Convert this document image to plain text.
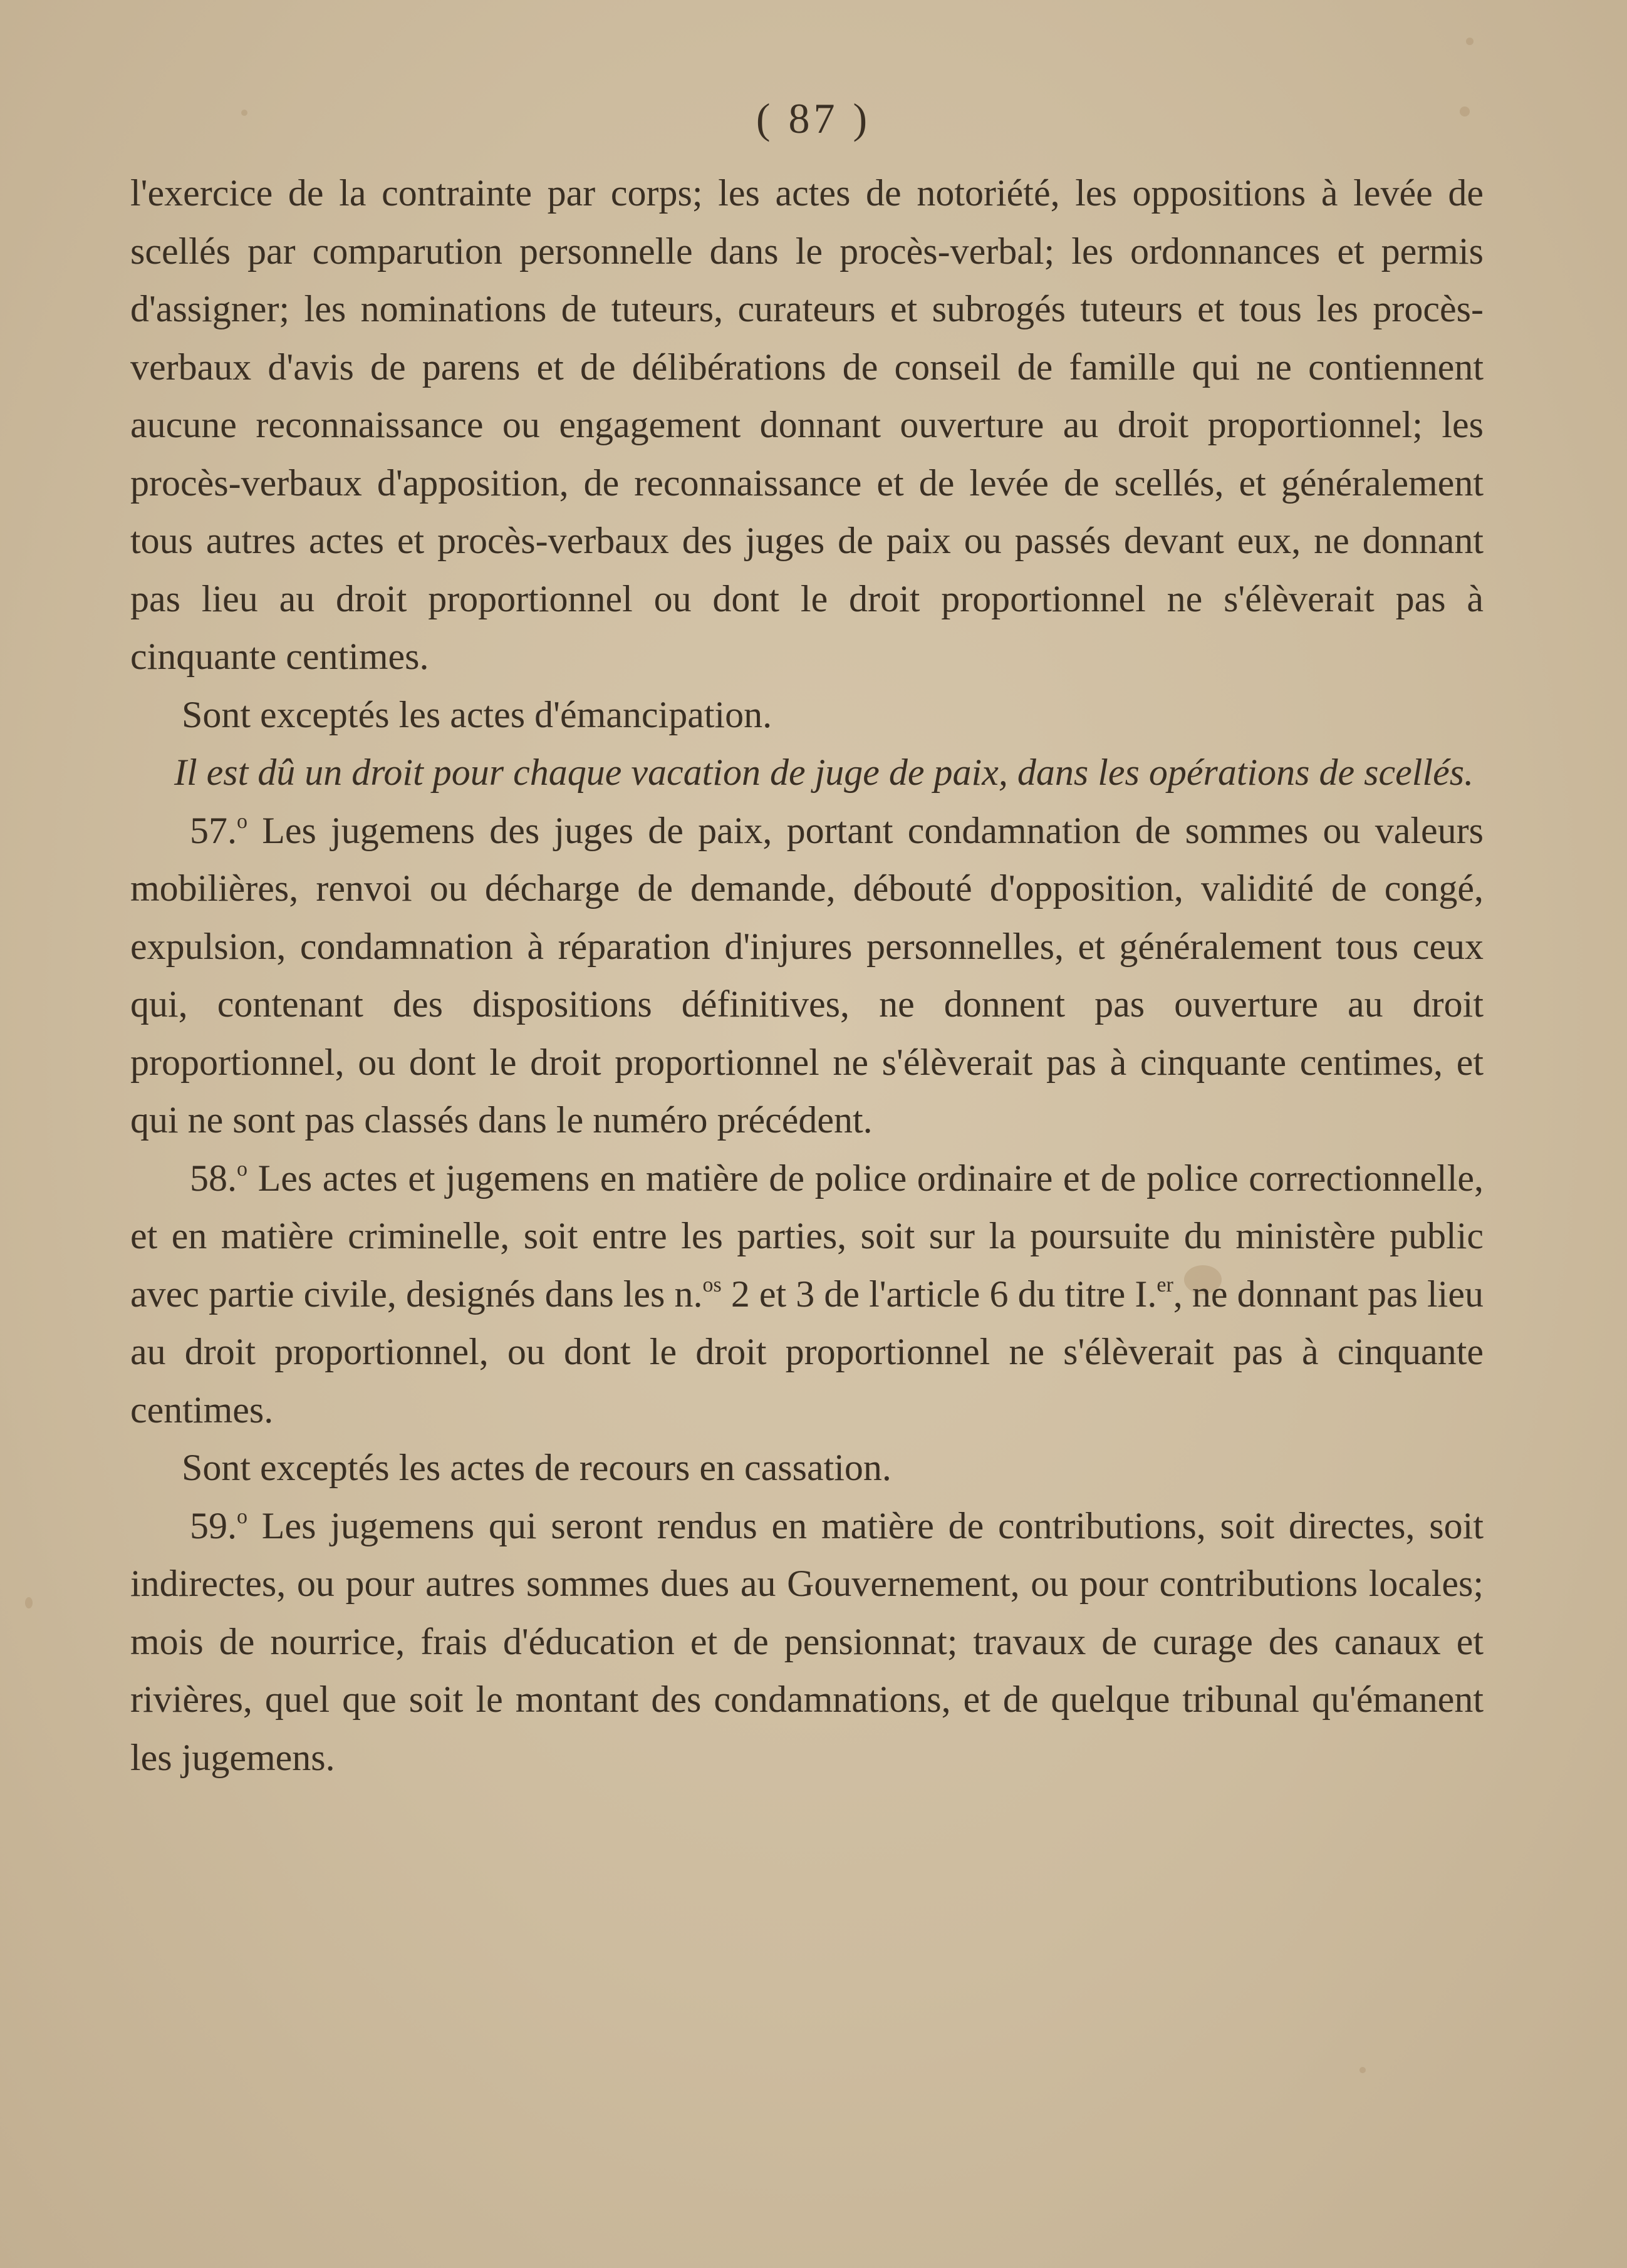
( 87 )

l'exercice de la contrainte par corps; les actes de notoriété, les oppositions à levée de scellés par comparution personnelle dans le procès-verbal; les ordonnances et permis d'assigner; les nominations de tuteurs, curateurs et subrogés tuteurs et tous les procès-verbaux d'avis de parens et de délibérations de conseil de famille qui ne contiennent aucune reconnaissance ou engagement donnant ouverture au droit proportionnel; les procès-verbaux d'apposition, de reconnaissance et de levée de scellés, et généralement tous autres actes et procès-verbaux des juges de paix ou passés devant eux, ne donnant pas lieu au droit proportionnel ou dont le droit proportionnel ne s'élèverait pas à cinquante centimes.

Sont exceptés les actes d'émancipation.

Il est dû un droit pour chaque vacation de juge de paix, dans les opérations de scellés.

57.$^o$ Les jugemens des juges de paix, portant condamnation de sommes ou valeurs mobilières, renvoi ou décharge de demande, débouté d'opposition, validité de congé, expulsion, condamnation à réparation d'injures personnelles, et généralement tous ceux qui, contenant des dispositions définitives, ne donnent pas ouverture au droit proportionnel, ou dont le droit proportionnel ne s'élèverait pas à cinquante centimes, et qui ne sont pas classés dans le numéro précédent.

58.$^o$ Les actes et jugemens en matière de police ordinaire et de police correctionnelle, et en matière criminelle, soit entre les parties, soit sur la poursuite du ministère public avec partie civile, designés dans les n.$^{os}$ 2 et 3 de l'article 6 du titre I.$^{er}$, ne donnant pas lieu au droit proportionnel, ou dont le droit proportionnel ne s'élèverait pas à cinquante centimes.

Sont exceptés les actes de recours en cassation.

59.$^o$ Les jugemens qui seront rendus en matière de contributions, soit directes, soit indirectes, ou pour autres sommes dues au Gouvernement, ou pour contributions locales; mois de nourrice, frais d'éducation et de pensionnat; travaux de curage des canaux et rivières, quel que soit le montant des condamnations, et de quelque tribunal qu'émanent les jugemens.
